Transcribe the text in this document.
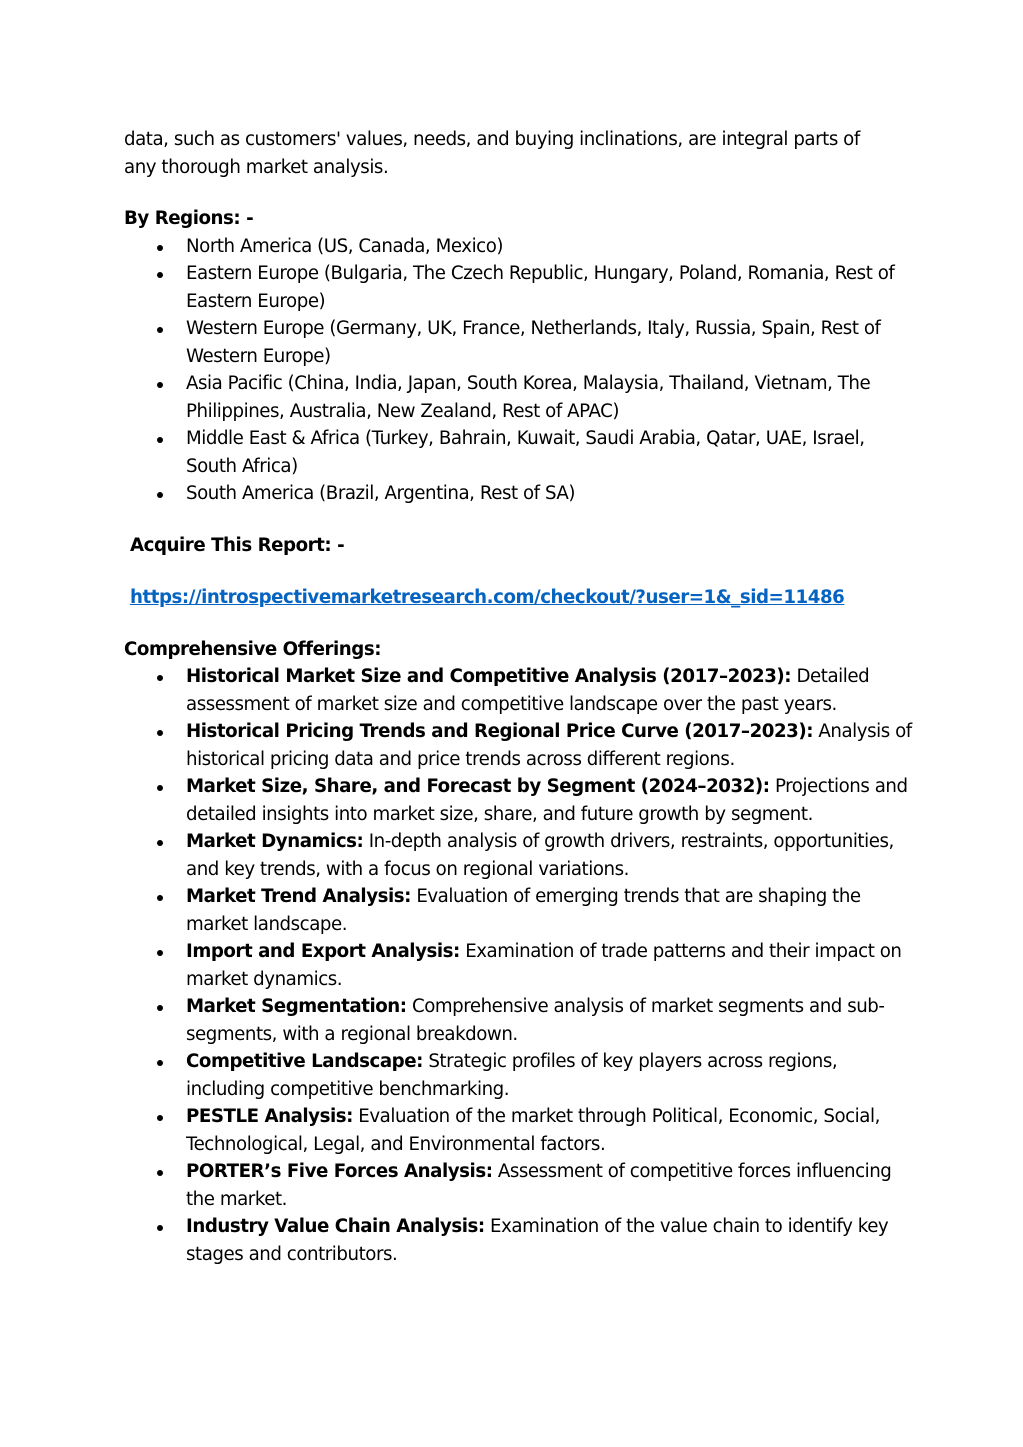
data, such as customers' values, needs, and buying inclinations, are integral parts of
any thorough market analysis.

By Regions: -

North America (US, Canada, Mexico)
Eastern Europe (Bulgaria, The Czech Republic, Hungary, Poland, Romania, Rest of Eastern Europe)
Western Europe (Germany, UK, France, Netherlands, Italy, Russia, Spain, Rest of Western Europe)
Asia Pacific (China, India, Japan, South Korea, Malaysia, Thailand, Vietnam, The Philippines, Australia, New Zealand, Rest of APAC)
Middle East & Africa (Turkey, Bahrain, Kuwait, Saudi Arabia, Qatar, UAE, Israel, South Africa)
South America (Brazil, Argentina, Rest of SA)

Acquire This Report: -

https://introspectivemarketresearch.com/checkout/?user=1&_sid=11486

Comprehensive Offerings:

Historical Market Size and Competitive Analysis (2017–2023): Detailed assessment of market size and competitive landscape over the past years.
Historical Pricing Trends and Regional Price Curve (2017–2023): Analysis of historical pricing data and price trends across different regions.
Market Size, Share, and Forecast by Segment (2024–2032): Projections and detailed insights into market size, share, and future growth by segment.
Market Dynamics: In-depth analysis of growth drivers, restraints, opportunities, and key trends, with a focus on regional variations.
Market Trend Analysis: Evaluation of emerging trends that are shaping the market landscape.
Import and Export Analysis: Examination of trade patterns and their impact on market dynamics.
Market Segmentation: Comprehensive analysis of market segments and sub-segments, with a regional breakdown.
Competitive Landscape: Strategic profiles of key players across regions, including competitive benchmarking.
PESTLE Analysis: Evaluation of the market through Political, Economic, Social, Technological, Legal, and Environmental factors.
PORTER’s Five Forces Analysis: Assessment of competitive forces influencing the market.
Industry Value Chain Analysis: Examination of the value chain to identify key stages and contributors.
